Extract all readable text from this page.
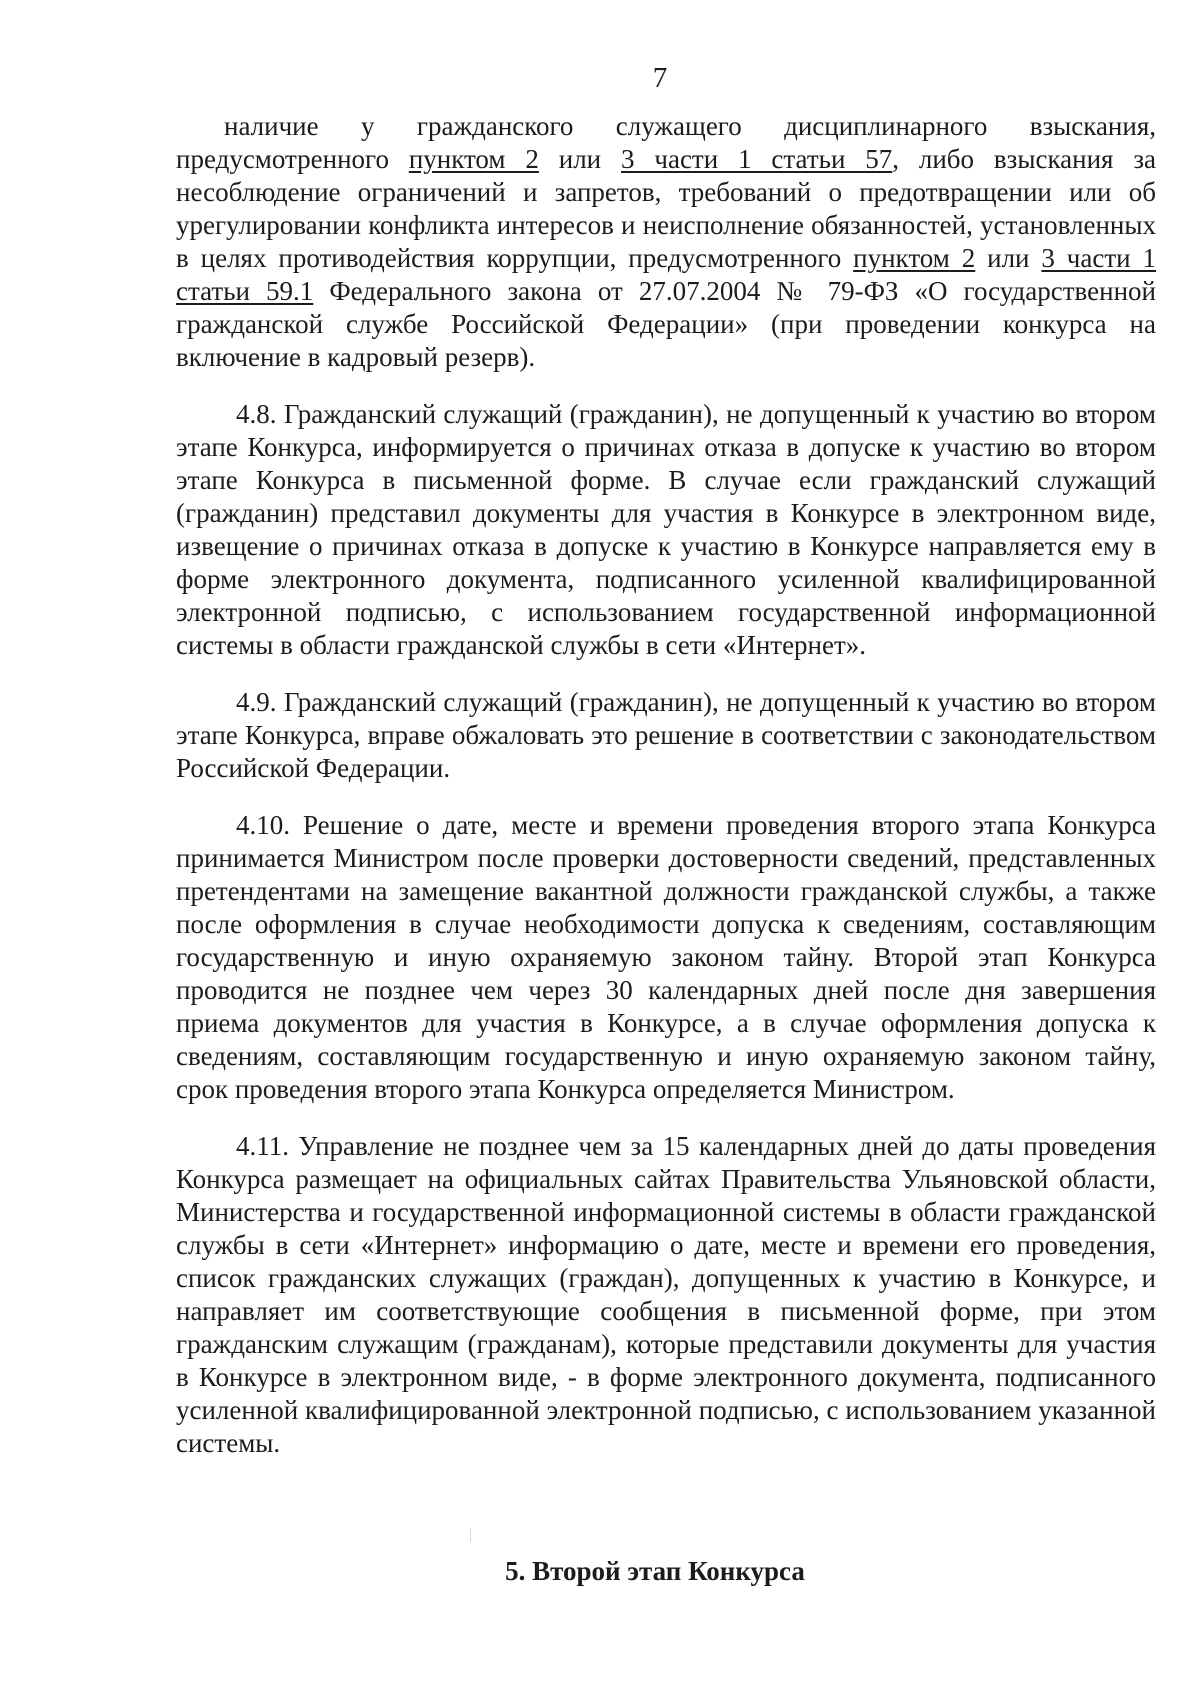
7

наличие у гражданского служащего дисциплинарного взыскания, предусмотренного пунктом 2 или 3 части 1 статьи 57, либо взыскания за несоблюдение ограничений и запретов, требований о предотвращении или об урегулировании конфликта интересов и неисполнение обязанностей, установленных в целях противодействия коррупции, предусмотренного пунктом 2 или 3 части 1 статьи 59.1 Федерального закона от 27.07.2004 № 79-ФЗ «О государственной гражданской службе Российской Федерации» (при проведении конкурса на включение в кадровый резерв).

4.8. Гражданский служащий (гражданин), не допущенный к участию во втором этапе Конкурса, информируется о причинах отказа в допуске к участию во втором этапе Конкурса в письменной форме. В случае если гражданский служащий (гражданин) представил документы для участия в Конкурсе в электронном виде, извещение о причинах отказа в допуске к участию в Конкурсе направляется ему в форме электронного документа, подписанного усиленной квалифицированной электронной подписью, с использованием государственной информационной системы в области гражданской службы в сети «Интернет».

4.9. Гражданский служащий (гражданин), не допущенный к участию во втором этапе Конкурса, вправе обжаловать это решение в соответствии с законодательством Российской Федерации.

4.10. Решение о дате, месте и времени проведения второго этапа Конкурса принимается Министром после проверки достоверности сведений, представленных претендентами на замещение вакантной должности гражданской службы, а также после оформления в случае необходимости допуска к сведениям, составляющим государственную и иную охраняемую законом тайну. Второй этап Конкурса проводится не позднее чем через 30 календарных дней после дня завершения приема документов для участия в Конкурсе, а в случае оформления допуска к сведениям, составляющим государственную и иную охраняемую законом тайну, срок проведения второго этапа Конкурса определяется Министром.

4.11. Управление не позднее чем за 15 календарных дней до даты проведения Конкурса размещает на официальных сайтах Правительства Ульяновской области, Министерства и государственной информационной системы в области гражданской службы в сети «Интернет» информацию о дате, месте и времени его проведения, список гражданских служащих (граждан), допущенных к участию в Конкурсе, и направляет им соответствующие сообщения в письменной форме, при этом гражданским служащим (гражданам), которые представили документы для участия в Конкурсе в электронном виде, - в форме электронного документа, подписанного усиленной квалифицированной электронной подписью, с использованием указанной системы.

5. Второй этап Конкурса
